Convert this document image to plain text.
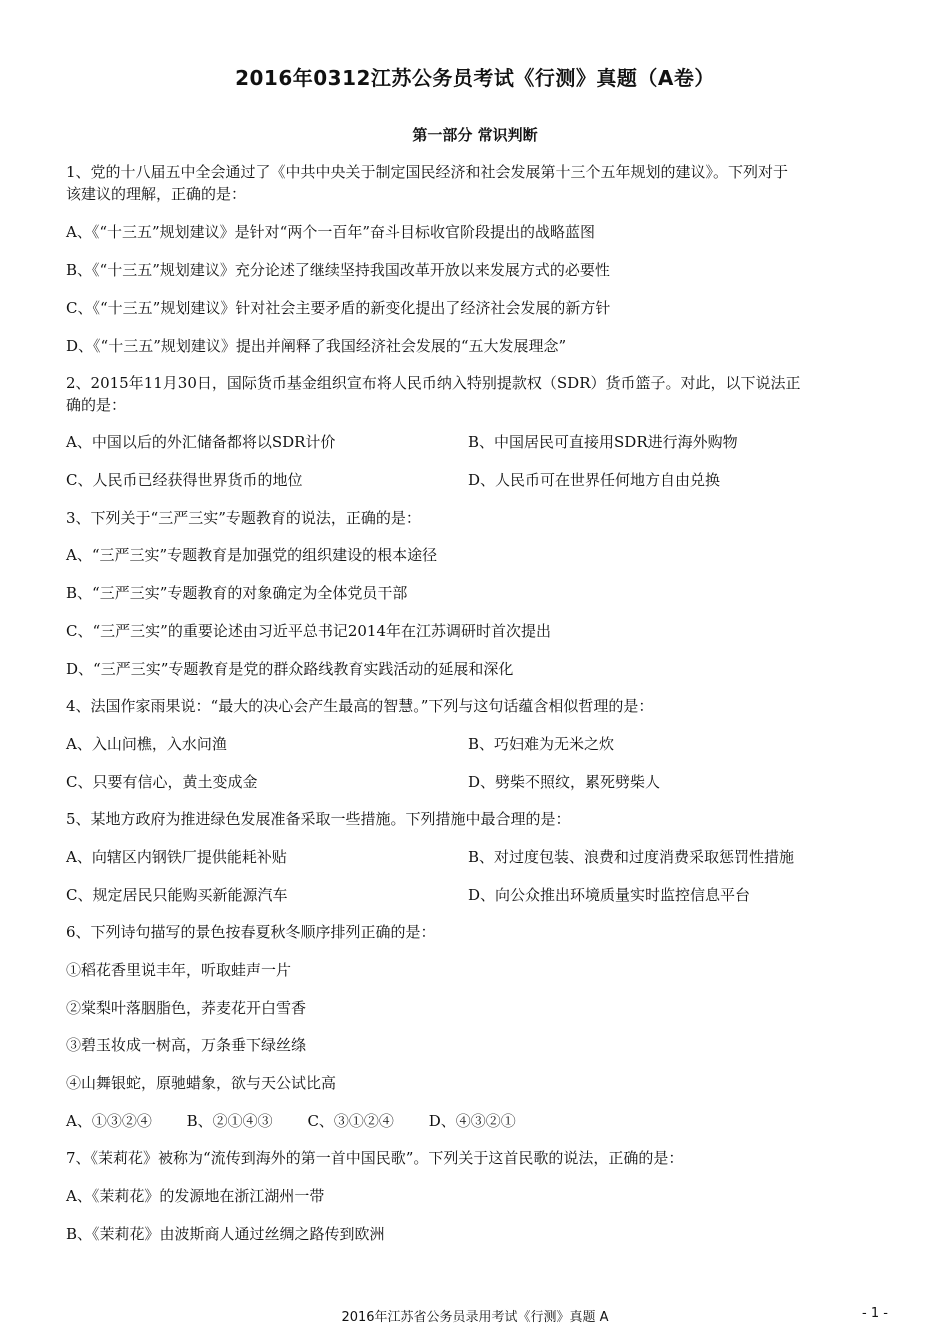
2016年0312江苏公务员考试《行测》真题（A卷）
第一部分 常识判断
1、党的十八届五中全会通过了《中共中央关于制定国民经济和社会发展第十三个五年规划的建议》。下列对于
该建议的理解，正确的是：
A、《“十三五”规划建议》是针对“两个一百年”奋斗目标收官阶段提出的战略蓝图
B、《“十三五”规划建议》充分论述了继续坚持我国改革开放以来发展方式的必要性
C、《“十三五”规划建议》针对社会主要矛盾的新变化提出了经济社会发展的新方针
D、《“十三五”规划建议》提出并阐释了我国经济社会发展的“五大发展理念”
2、2015年11月30日，国际货币基金组织宣布将人民币纳入特别提款权（SDR）货币篮子。对此，以下说法正
确的是：
A、中国以后的外汇储备都将以SDR计价	B、中国居民可直接用SDR进行海外购物
C、人民币已经获得世界货币的地位	D、人民币可在世界任何地方自由兑换
3、下列关于“三严三实”专题教育的说法，正确的是：
A、“三严三实”专题教育是加强党的组织建设的根本途径
B、“三严三实”专题教育的对象确定为全体党员干部
C、“三严三实”的重要论述由习近平总书记2014年在江苏调研时首次提出
D、“三严三实”专题教育是党的群众路线教育实践活动的延展和深化
4、法国作家雨果说：“最大的决心会产生最高的智慧。”下列与这句话蕴含相似哲理的是：
A、入山问樵，入水问渔	B、巧妇难为无米之炊
C、只要有信心，黄土变成金	D、劈柴不照纹，累死劈柴人
5、某地方政府为推进绿色发展准备采取一些措施。下列措施中最合理的是：
A、向辖区内钢铁厂提供能耗补贴	B、对过度包装、浪费和过度消费采取惩罚性措施
C、规定居民只能购买新能源汽车	D、向公众推出环境质量实时监控信息平台
6、下列诗句描写的景色按春夏秋冬顺序排列正确的是：
①稻花香里说丰年，听取蛙声一片
②棠梨叶落胭脂色，荞麦花开白雪香
③碧玉妆成一树高，万条垂下绿丝绦
④山舞银蛇，原驰蜡象，欲与天公试比高
A、①③②④ B、②①④③ C、③①②④ D、④③②①
7、《茉莉花》被称为“流传到海外的第一首中国民歌”。下列关于这首民歌的说法，正确的是：
A、《茉莉花》的发源地在浙江湖州一带
B、《茉莉花》由波斯商人通过丝绸之路传到欧洲
2016年江苏省公务员录用考试《行测》真题 A	- 1 -
